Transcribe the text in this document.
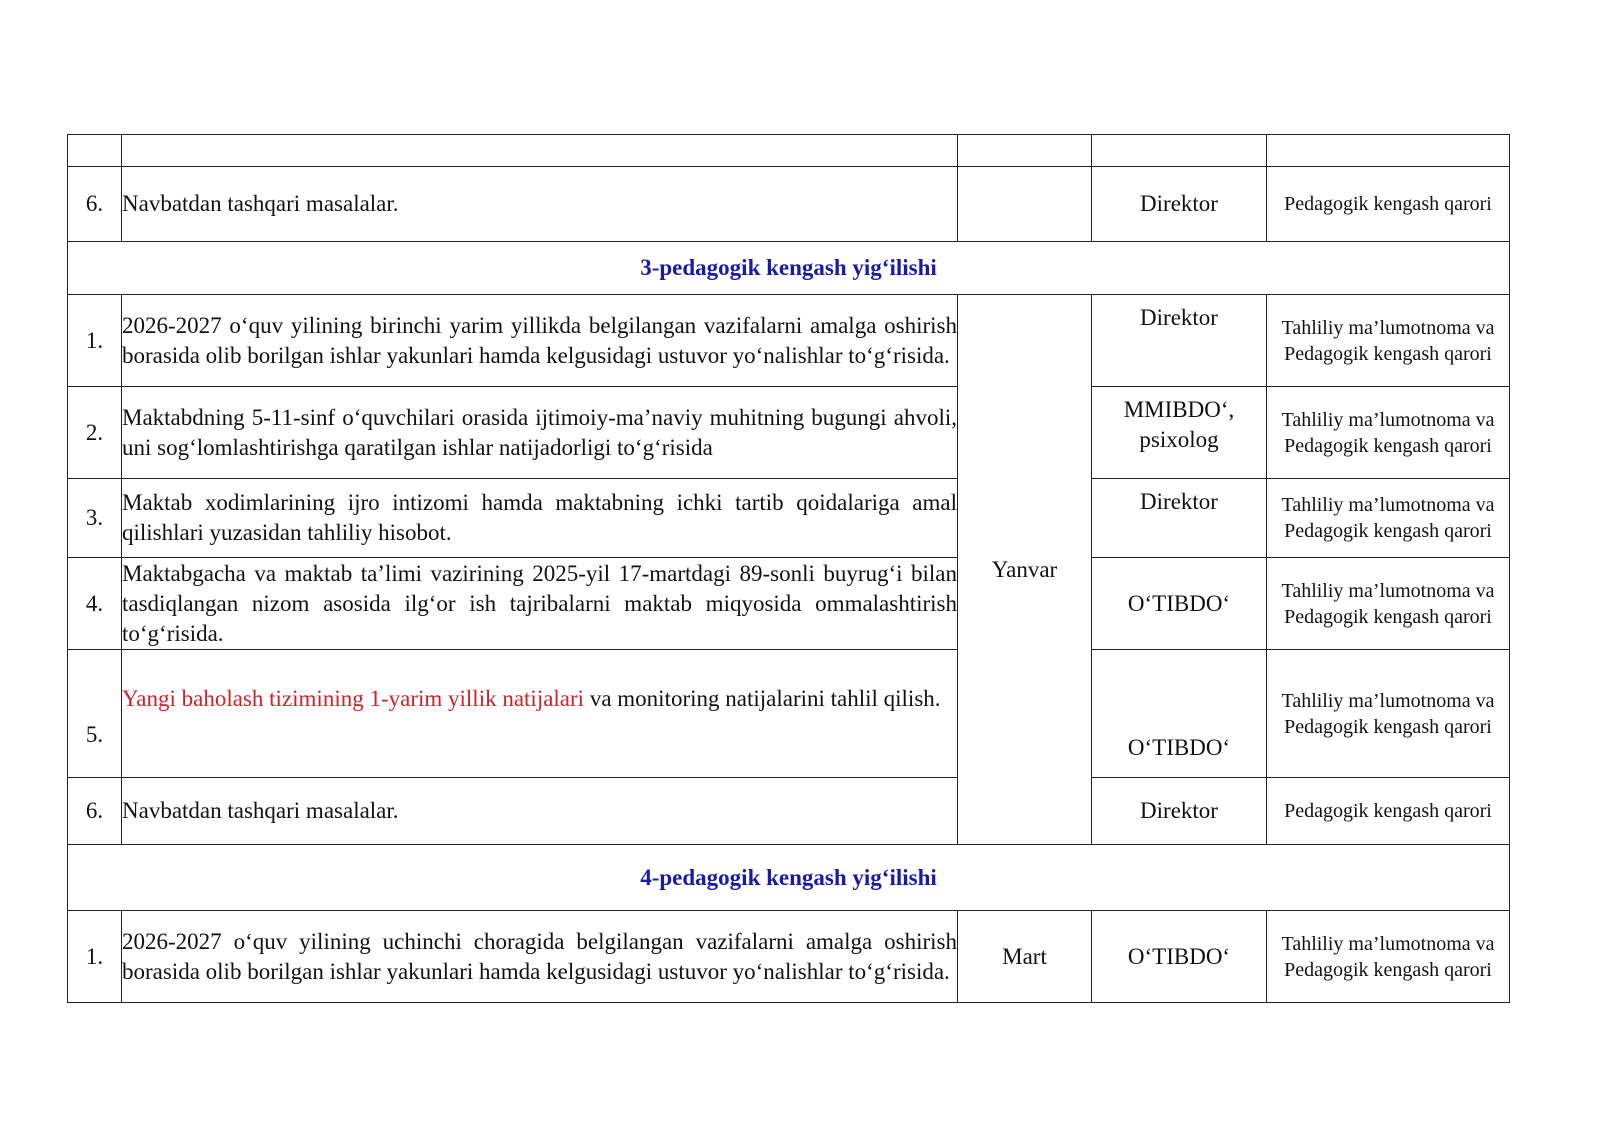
6.	Navbatdan tashqari masalalar.		Direktor	Pedagogik kengash qarori
3-pedagogik kengash yig‘ilishi				
1.	2026-2027 o‘quv yilining birinchi yarim yillikda belgilangan vazifalarni amalga oshirish borasida olib borilgan ishlar yakunlari hamda kelgusidagi ustuvor yo‘nalishlar to‘g‘risida.	Yanvar	Direktor	Tahliliy ma’lumotnoma va Pedagogik kengash qarori
2.	Maktabdning 5-11-sinf o‘quvchilari orasida ijtimoiy-ma’naviy muhitning bugungi ahvoli, uni sog‘lomlashtirishga qaratilgan ishlar natijadorligi to‘g‘risida		MMIBDO‘, psixolog	Tahliliy ma’lumotnoma va Pedagogik kengash qarori
3.	Maktab xodimlarining ijro intizomi hamda maktabning ichki tartib qoidalariga amal qilishlari yuzasidan tahliliy hisobot.		Direktor	Tahliliy ma’lumotnoma va Pedagogik kengash qarori
4.	Maktabgacha va maktab ta’limi vazirining 2025-yil 17-martdagi 89-sonli buyrug‘i bilan tasdiqlangan nizom asosida ilg‘or ish tajribalarni maktab miqyosida ommalashtirish to‘g‘risida.		O‘TIBDO‘	Tahliliy ma’lumotnoma va Pedagogik kengash qarori
5.	Yangi baholash tizimining 1-yarim yillik natijalari va monitoring natijalarini tahlil qilish.		O‘TIBDO‘	Tahliliy ma’lumotnoma va Pedagogik kengash qarori
6.	Navbatdan tashqari masalalar.		Direktor	Pedagogik kengash qarori
4-pedagogik kengash yig‘ilishi				
1.	2026-2027 o‘quv yilining uchinchi choragida belgilangan vazifalarni amalga oshirish borasida olib borilgan ishlar yakunlari hamda kelgusidagi ustuvor yo‘nalishlar to‘g‘risida.	Mart	O‘TIBDO‘	Tahliliy ma’lumotnoma va Pedagogik kengash qarori
